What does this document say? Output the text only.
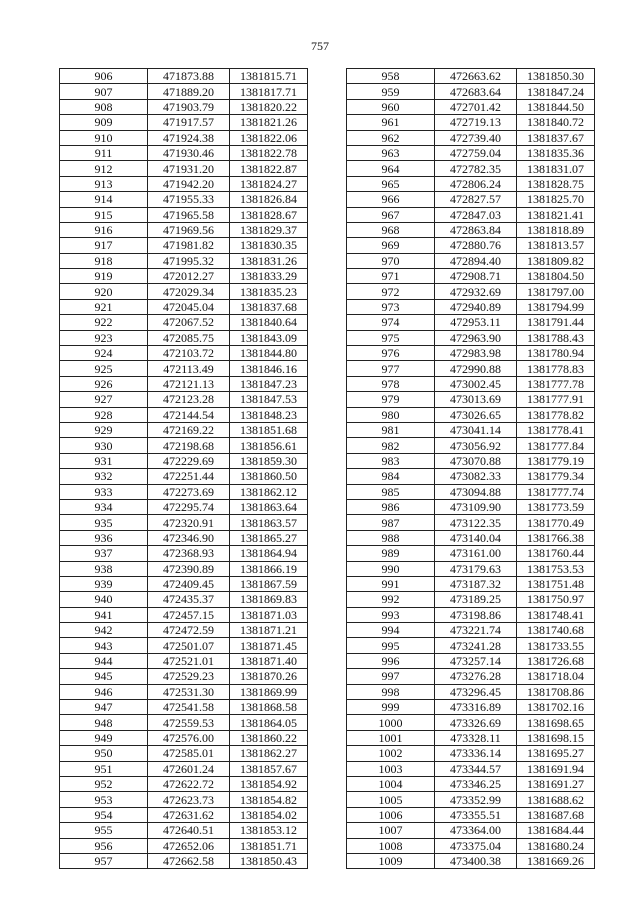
757
906	471873.88	1381815.71
907	471889.20	1381817.71
908	471903.79	1381820.22
909	471917.57	1381821.26
910	471924.38	1381822.06
911	471930.46	1381822.78
912	471931.20	1381822.87
913	471942.20	1381824.27
914	471955.33	1381826.84
915	471965.58	1381828.67
916	471969.56	1381829.37
917	471981.82	1381830.35
918	471995.32	1381831.26
919	472012.27	1381833.29
920	472029.34	1381835.23
921	472045.04	1381837.68
922	472067.52	1381840.64
923	472085.75	1381843.09
924	472103.72	1381844.80
925	472113.49	1381846.16
926	472121.13	1381847.23
927	472123.28	1381847.53
928	472144.54	1381848.23
929	472169.22	1381851.68
930	472198.68	1381856.61
931	472229.69	1381859.30
932	472251.44	1381860.50
933	472273.69	1381862.12
934	472295.74	1381863.64
935	472320.91	1381863.57
936	472346.90	1381865.27
937	472368.93	1381864.94
938	472390.89	1381866.19
939	472409.45	1381867.59
940	472435.37	1381869.83
941	472457.15	1381871.03
942	472472.59	1381871.21
943	472501.07	1381871.45
944	472521.01	1381871.40
945	472529.23	1381870.26
946	472531.30	1381869.99
947	472541.58	1381868.58
948	472559.53	1381864.05
949	472576.00	1381860.22
950	472585.01	1381862.27
951	472601.24	1381857.67
952	472622.72	1381854.92
953	472623.73	1381854.82
954	472631.62	1381854.02
955	472640.51	1381853.12
956	472652.06	1381851.71
957	472662.58	1381850.43
958	472663.62	1381850.30
959	472683.64	1381847.24
960	472701.42	1381844.50
961	472719.13	1381840.72
962	472739.40	1381837.67
963	472759.04	1381835.36
964	472782.35	1381831.07
965	472806.24	1381828.75
966	472827.57	1381825.70
967	472847.03	1381821.41
968	472863.84	1381818.89
969	472880.76	1381813.57
970	472894.40	1381809.82
971	472908.71	1381804.50
972	472932.69	1381797.00
973	472940.89	1381794.99
974	472953.11	1381791.44
975	472963.90	1381788.43
976	472983.98	1381780.94
977	472990.88	1381778.83
978	473002.45	1381777.78
979	473013.69	1381777.91
980	473026.65	1381778.82
981	473041.14	1381778.41
982	473056.92	1381777.84
983	473070.88	1381779.19
984	473082.33	1381779.34
985	473094.88	1381777.74
986	473109.90	1381773.59
987	473122.35	1381770.49
988	473140.04	1381766.38
989	473161.00	1381760.44
990	473179.63	1381753.53
991	473187.32	1381751.48
992	473189.25	1381750.97
993	473198.86	1381748.41
994	473221.74	1381740.68
995	473241.28	1381733.55
996	473257.14	1381726.68
997	473276.28	1381718.04
998	473296.45	1381708.86
999	473316.89	1381702.16
1000	473326.69	1381698.65
1001	473328.11	1381698.15
1002	473336.14	1381695.27
1003	473344.57	1381691.94
1004	473346.25	1381691.27
1005	473352.99	1381688.62
1006	473355.51	1381687.68
1007	473364.00	1381684.44
1008	473375.04	1381680.24
1009	473400.38	1381669.26
